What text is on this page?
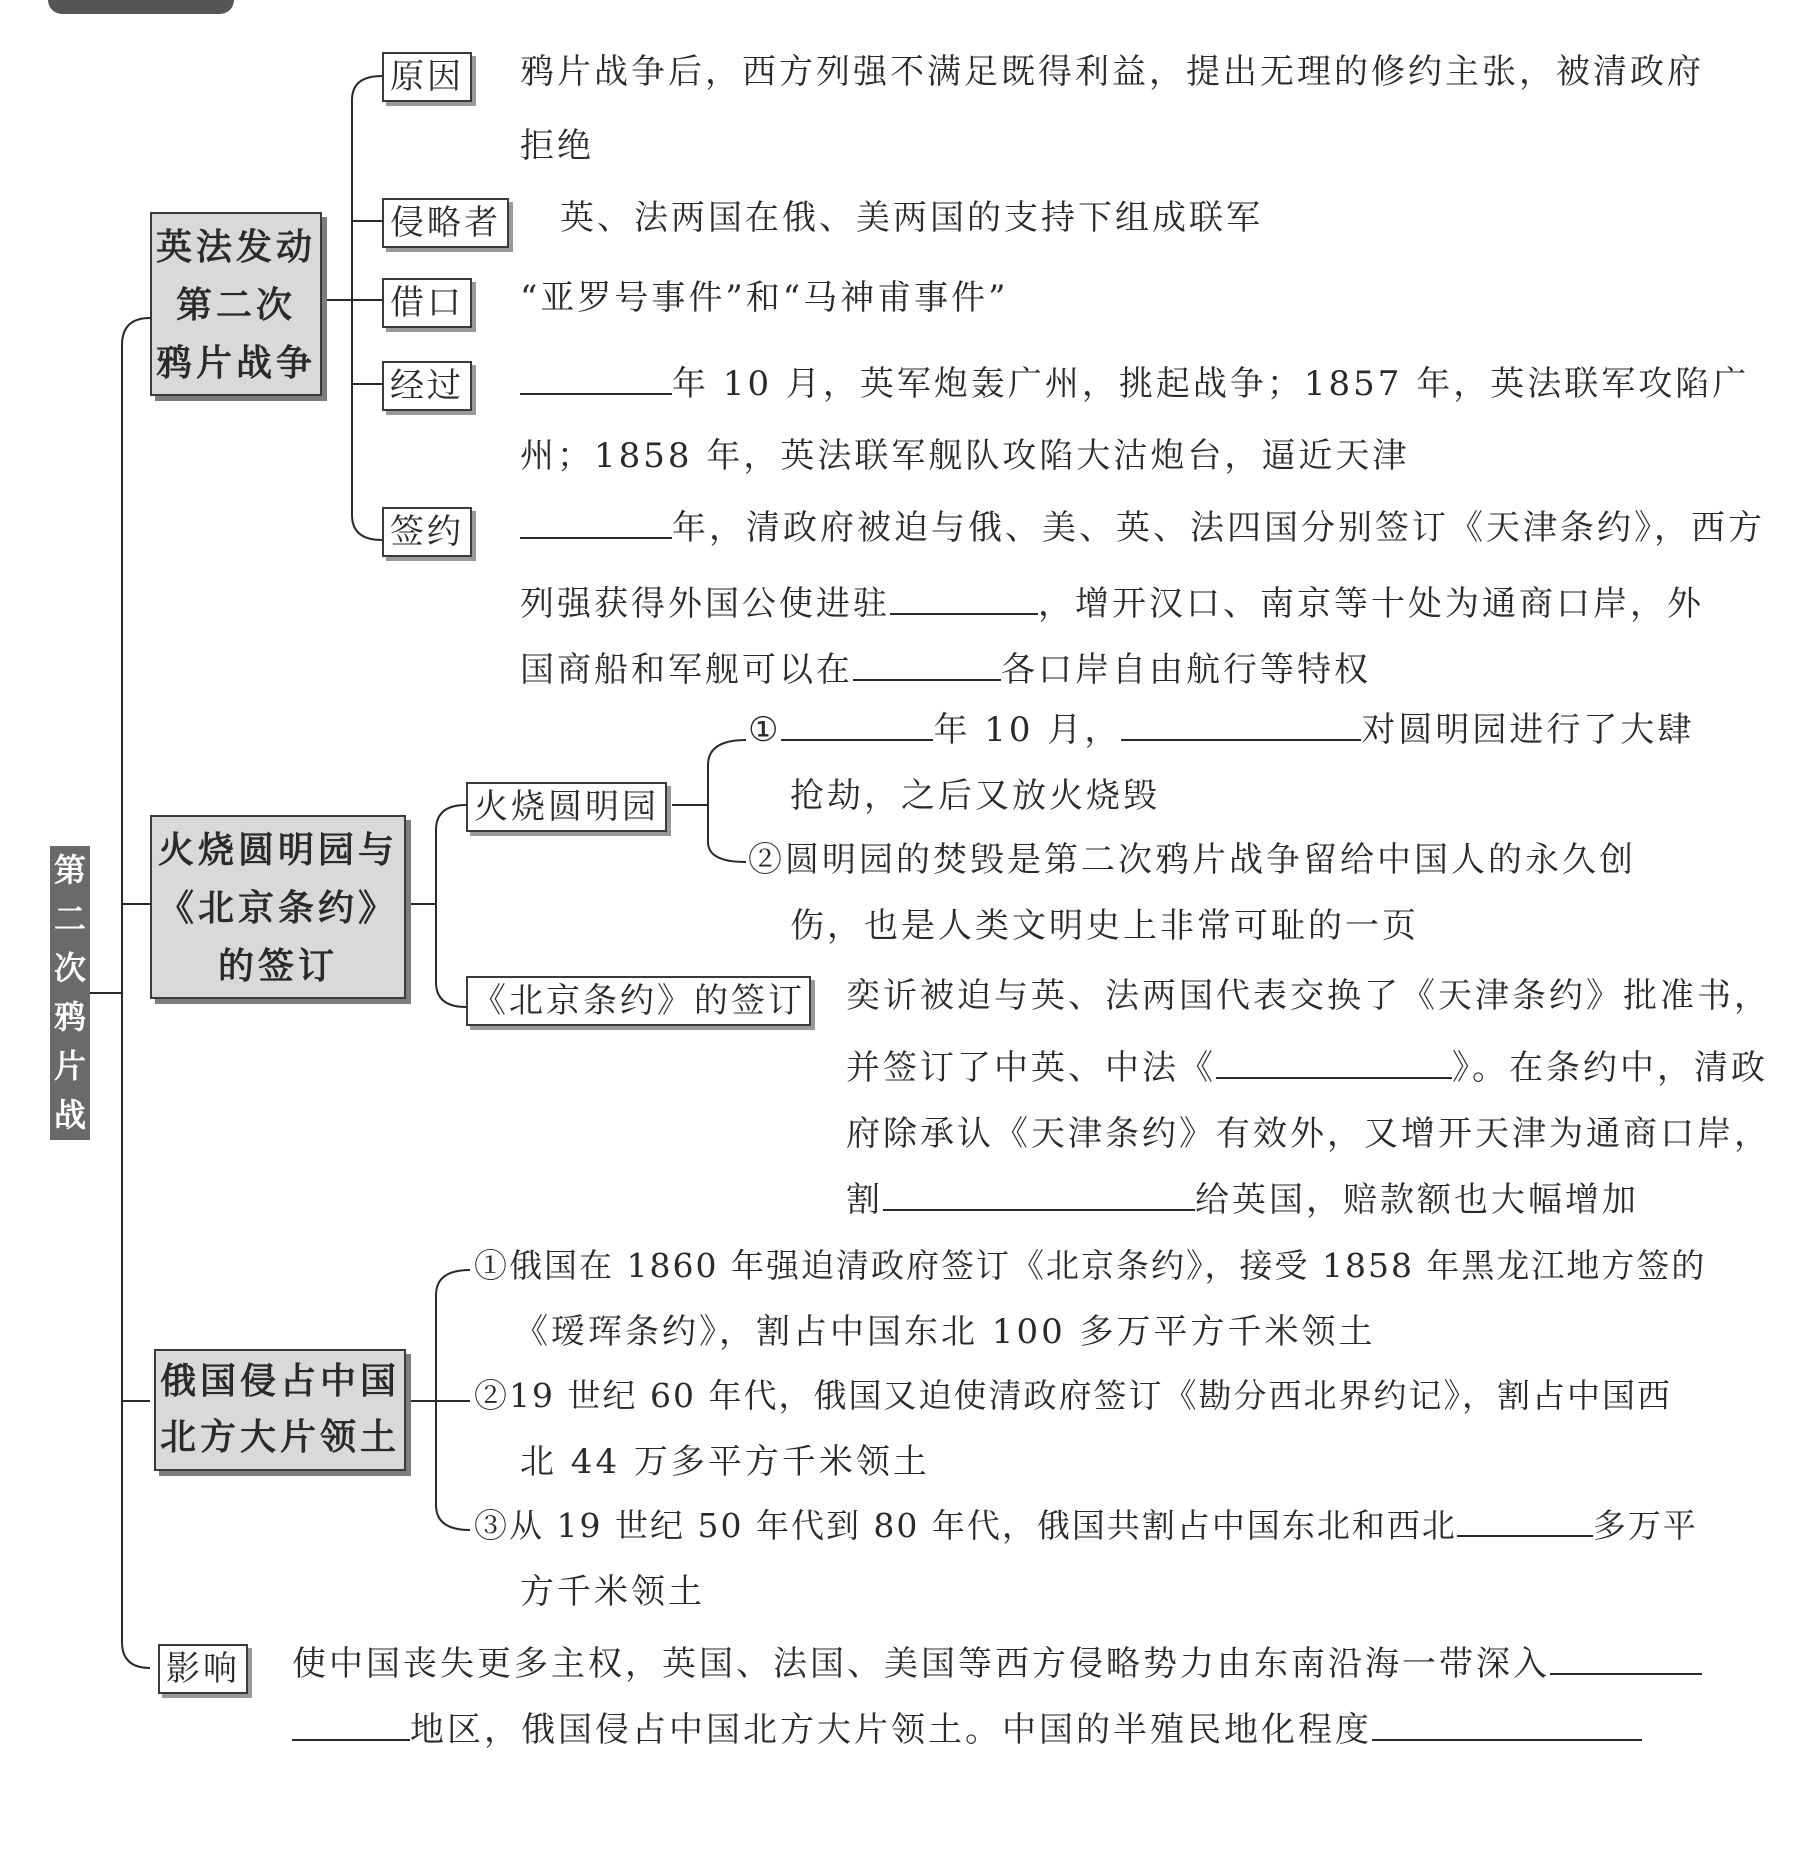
第
二
次
鸦
片
战
争
英法发动
第二次
鸦片战争
原因 鸦片战争后，西方列强不满足既得利益，提出无理的修约主张，被清政府
拒绝
侵略者 英、法两国在俄、美两国的支持下组成联军
借口 “亚罗号事件”和“马神甫事件”
经过	年 10 月，英军炮轰广州，挑起战争；1857 年，英法联军攻陷广
州；1858 年，英法联军舰队攻陷大沽炮台，逼近天津
签约	年，清政府被迫与俄、美、英、法四国分别签订《天津条约》，西方
列强获得外国公使进驻	，增开汉口、南京等十处为通商口岸，外
国商船和军舰可以在	各口岸自由航行等特权
火烧圆明园与
《北京条约》
的签订
火烧圆明园
①	年 10 月，	对圆明园进行了大肆
抢劫，之后又放火烧毁
②圆明园的焚毁是第二次鸦片战争留给中国人的永久创
伤，也是人类文明史上非常可耻的一页
《北京条约》的签订 奕䜣被迫与英、法两国代表交换了《天津条约》批准书，
并签订了中英、中法《	》。在条约中，清政
府除承认《天津条约》有效外，又增开天津为通商口岸，
割	给英国，赔款额也大幅增加
俄国侵占中国
北方大片领土
①俄国在 1860 年强迫清政府签订《北京条约》，接受 1858 年黑龙江地方签的
《瑷珲条约》，割占中国东北 100 多万平方千米领土
②19 世纪 60 年代，俄国又迫使清政府签订《勘分西北界约记》，割占中国西
北 44 万多平方千米领土
③从 19 世纪 50 年代到 80 年代，俄国共割占中国东北和西北	多万平
方千米领土
影响 使中国丧失更多主权，英国、法国、美国等西方侵略势力由东南沿海一带深入
地区，俄国侵占中国北方大片领土。中国的半殖民地化程度
